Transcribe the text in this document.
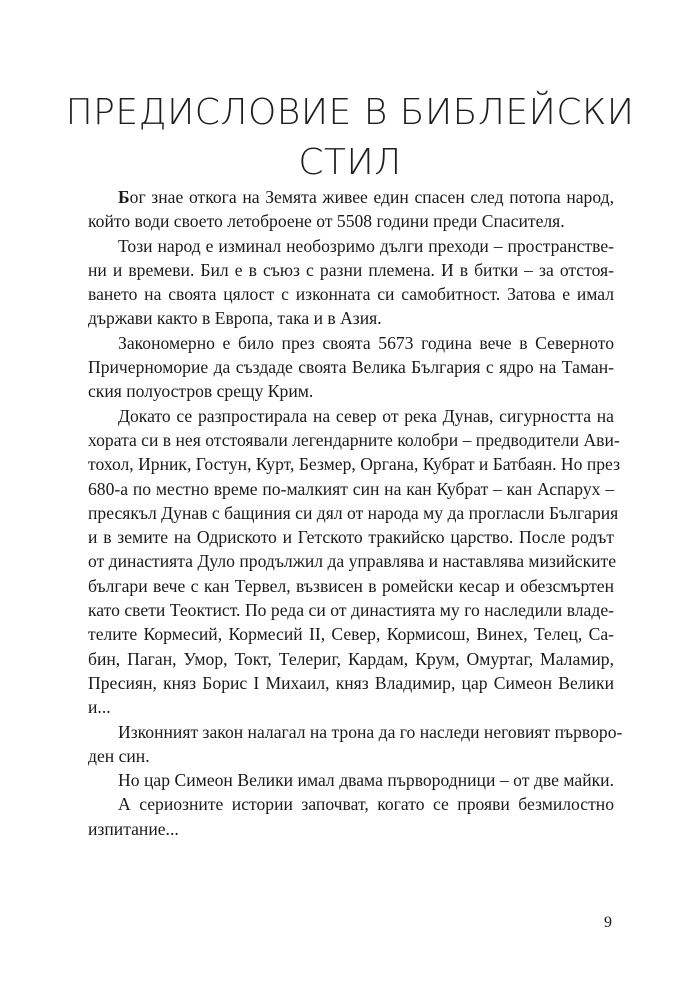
ПРЕДИСЛОВИЕ В БИБЛЕЙСКИ
СТИЛ
Бог знае откога на Земята живее един спасен след потопа народ,
който води своето летоброене от 5508 години преди Спасителя.
Този народ е изминал необозримо дълги преходи – пространстве-
ни и времеви. Бил е в съюз с разни племена. И в битки – за отстоя-
ването на своята цялост с изконната си самобитност. Затова е имал
държави както в Европа, така и в Азия.
Закономерно е било през своята 5673 година вече в Северното
Причерноморие да създаде своята Велика България с ядро на Таман-
ския полуостров срещу Крим.
Докато се разпростирала на север от река Дунав, сигурността на
хората си в нея отстоявали легендарните колобри – предводители Ави-
тохол, Ирник, Гостун, Курт, Безмер, Органа, Кубрат и Батбаян. Но през
680-а по местно време по-малкият син на кан Кубрат – кан Аспарух –
пресякъл Дунав с бащиния си дял от народа му да прогласли България
и в земите на Одриското и Гетското тракийско царство. После родът
от династията Дуло продължил да управлява и наставлява мизийските
българи вече с кан Тервел, възвисен в ромейски кесар и обезсмъртен
като свети Теоктист. По реда си от династията му го наследили владе-
телите Кормесий, Кормесий II, Север, Кормисош, Винех, Телец, Са-
бин, Паган, Умор, Токт, Телериг, Кардам, Крум, Омуртаг, Маламир,
Пресиян, княз Борис I Михаил, княз Владимир, цар Симеон Велики
и...
Изконният закон налагал на трона да го наследи неговият първоро-
ден син.
Но цар Симеон Велики имал двама първородници – от две майки.
А сериозните истории започват, когато се прояви безмилостно
изпитание...
9
